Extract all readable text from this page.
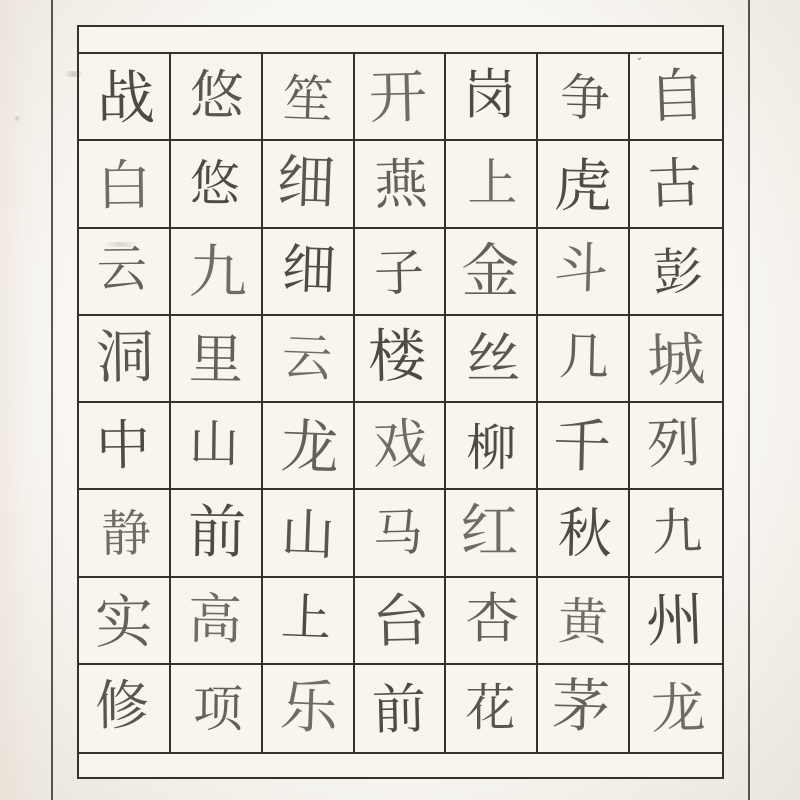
战 悠 笙 开 岗 争 自
白 悠 细 燕 上 虎 古
云 九 细 子 金 斗 彭
洞 里 云 楼 丝 几 城
中 山 龙 戏 柳 千 列
静 前 山 马 红 秋 九
实 高 上 台 杏 黄 州
修 项 乐 前 花 茅 龙
ˇ
